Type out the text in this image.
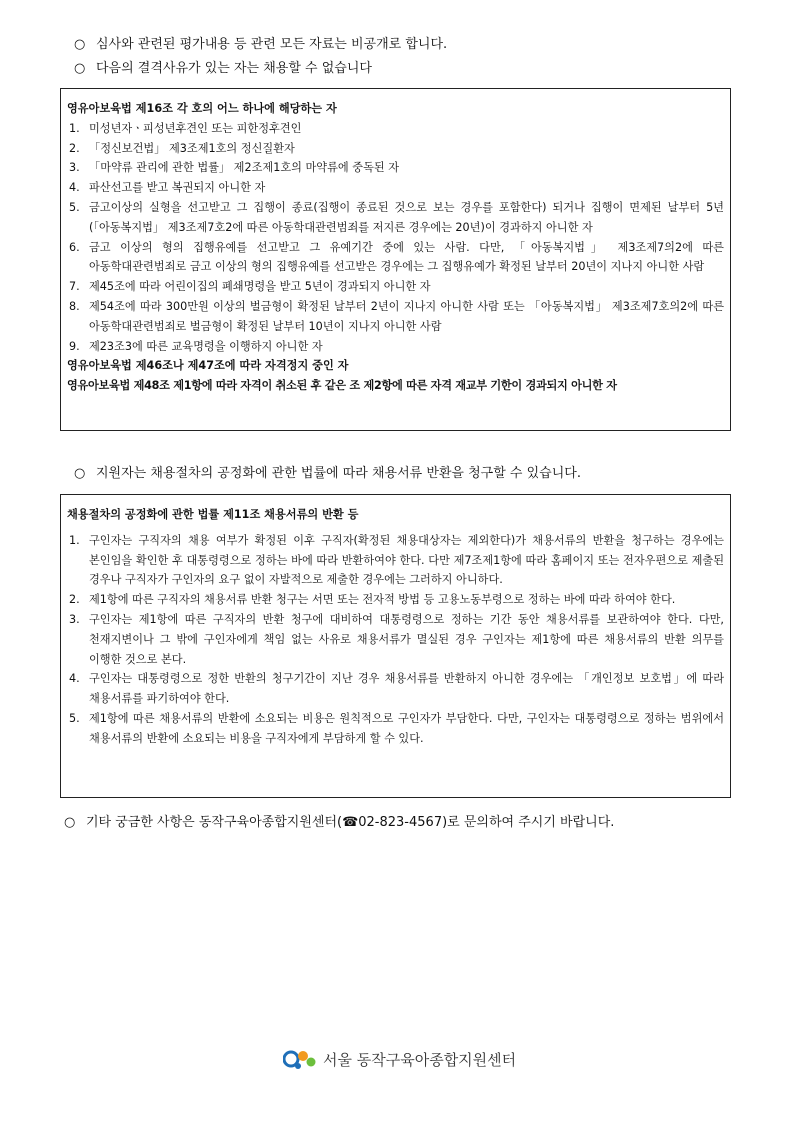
○ 심사와 관련된 평가내용 등 관련 모든 자료는 비공개로 합니다.
○ 다음의 결격사유가 있는 자는 채용할 수 없습니다
영유아보육법 제16조 각 호의 어느 하나에 해당하는 자
1. 미성년자ㆍ피성년후견인 또는 피한정후견인
2. 「정신보건법」 제3조제1호의 정신질환자
3. 「마약류 관리에 관한 법률」 제2조제1호의 마약류에 중독된 자
4. 파산선고를 받고 복권되지 아니한 자
5. 금고이상의 실형을 선고받고 그 집행이 종료(집행이 종료된 것으로 보는 경우를 포함한다) 되거나 집행이 면제된 날부터 5년(「아동복지법」 제3조제7호2에 따른 아동학대관련범죄를 저지른 경우에는 20년)이 경과하지 아니한 자
6. 금고 이상의 형의 집행유예를 선고받고 그 유예기간 중에 있는 사람. 다만, 「아동복지법」 제3조제7의2에 따른 아동학대관련범죄로 금고 이상의 형의 집행유예를 선고받은 경우에는 그 집행유예가 확정된 날부터 20년이 지나지 아니한 사람
7. 제45조에 따라 어린이집의 폐쇄명령을 받고 5년이 경과되지 아니한 자
8. 제54조에 따라 300만원 이상의 벌금형이 확정된 날부터 2년이 지나지 아니한 사람 또는 「아동복지법」 제3조제7호의2에 따른 아동학대관련범죄로 벌금형이 확정된 날부터 10년이 지나지 아니한 사람
9. 제23조3에 따른 교육명령을 이행하지 아니한 자
영유아보육법 제46조나 제47조에 따라 자격정지 중인 자
영유아보육법 제48조 제1항에 따라 자격이 취소된 후 같은 조 제2항에 따른 자격 재교부 기한이 경과되지 아니한 자
○ 지원자는 채용절차의 공정화에 관한 법률에 따라 채용서류 반환을 청구할 수 있습니다.
채용절차의 공정화에 관한 법률 제11조 채용서류의 반환 등
1. 구인자는 구직자의 채용 여부가 확정된 이후 구직자(확정된 채용대상자는 제외한다)가 채용서류의 반환을 청구하는 경우에는 본인임을 확인한 후 대통령령으로 정하는 바에 따라 반환하여야 한다. 다만 제7조제1항에 따라 홈페이지 또는 전자우편으로 제출된 경우나 구직자가 구인자의 요구 없이 자발적으로 제출한 경우에는 그러하지 아니하다.
2. 제1항에 따른 구직자의 채용서류 반환 청구는 서면 또는 전자적 방법 등 고용노동부령으로 정하는 바에 따라 하여야 한다.
3. 구인자는 제1항에 따른 구직자의 반환 청구에 대비하여 대통령령으로 정하는 기간 동안 채용서류를 보관하여야 한다. 다만, 천재지변이나 그 밖에 구인자에게 책임 없는 사유로 채용서류가 멸실된 경우 구인자는 제1항에 따른 채용서류의 반환 의무를 이행한 것으로 본다.
4. 구인자는 대통령령으로 정한 반환의 청구기간이 지난 경우 채용서류를 반환하지 아니한 경우에는 「개인정보 보호법」에 따라 채용서류를 파기하여야 한다.
5. 제1항에 따른 채용서류의 반환에 소요되는 비용은 원칙적으로 구인자가 부담한다. 다만, 구인자는 대통령령으로 정하는 범위에서 채용서류의 반환에 소요되는 비용을 구직자에게 부담하게 할 수 있다.
○ 기타 궁금한 사항은 동작구육아종합지원센터(☎02-823-4567)로 문의하여 주시기 바랍니다.
서울 동작구육아종합지원센터
